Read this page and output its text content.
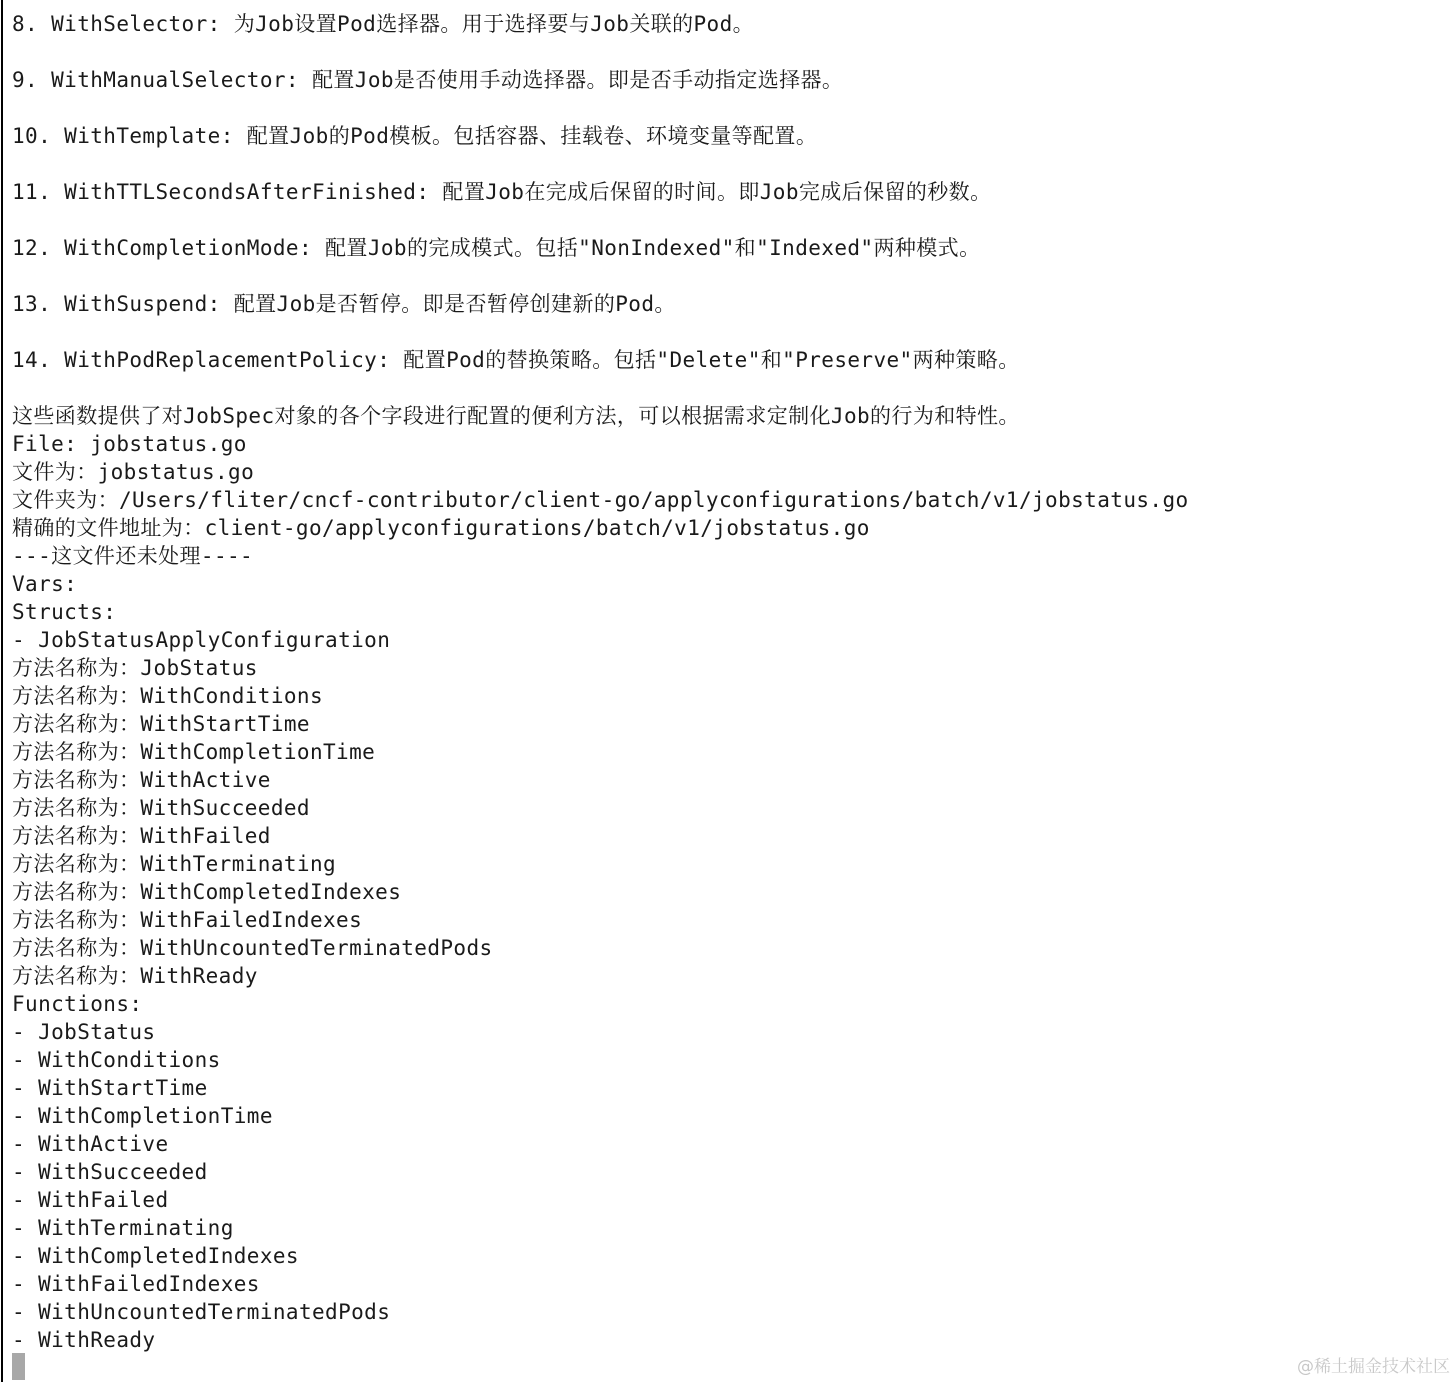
8. WithSelector: 为Job设置Pod选择器。用于选择要与Job关联的Pod。
9. WithManualSelector: 配置Job是否使用手动选择器。即是否手动指定选择器。
10. WithTemplate: 配置Job的Pod模板。包括容器、挂载卷、环境变量等配置。
11. WithTTLSecondsAfterFinished: 配置Job在完成后保留的时间。即Job完成后保留的秒数。
12. WithCompletionMode: 配置Job的完成模式。包括"NonIndexed"和"Indexed"两种模式。
13. WithSuspend: 配置Job是否暂停。即是否暂停创建新的Pod。
14. WithPodReplacementPolicy: 配置Pod的替换策略。包括"Delete"和"Preserve"两种策略。
这些函数提供了对JobSpec对象的各个字段进行配置的便利方法，可以根据需求定制化Job的行为和特性。
File: jobstatus.go
文件为：jobstatus.go
文件夹为：/Users/fliter/cncf-contributor/client-go/applyconfigurations/batch/v1/jobstatus.go
精确的文件地址为：client-go/applyconfigurations/batch/v1/jobstatus.go
---这文件还未处理----
Vars:
Structs:
- JobStatusApplyConfiguration
方法名称为：JobStatus
方法名称为：WithConditions
方法名称为：WithStartTime
方法名称为：WithCompletionTime
方法名称为：WithActive
方法名称为：WithSucceeded
方法名称为：WithFailed
方法名称为：WithTerminating
方法名称为：WithCompletedIndexes
方法名称为：WithFailedIndexes
方法名称为：WithUncountedTerminatedPods
方法名称为：WithReady
Functions:
- JobStatus
- WithConditions
- WithStartTime
- WithCompletionTime
- WithActive
- WithSucceeded
- WithFailed
- WithTerminating
- WithCompletedIndexes
- WithFailedIndexes
- WithUncountedTerminatedPods
- WithReady
@稀土掘金技术社区
